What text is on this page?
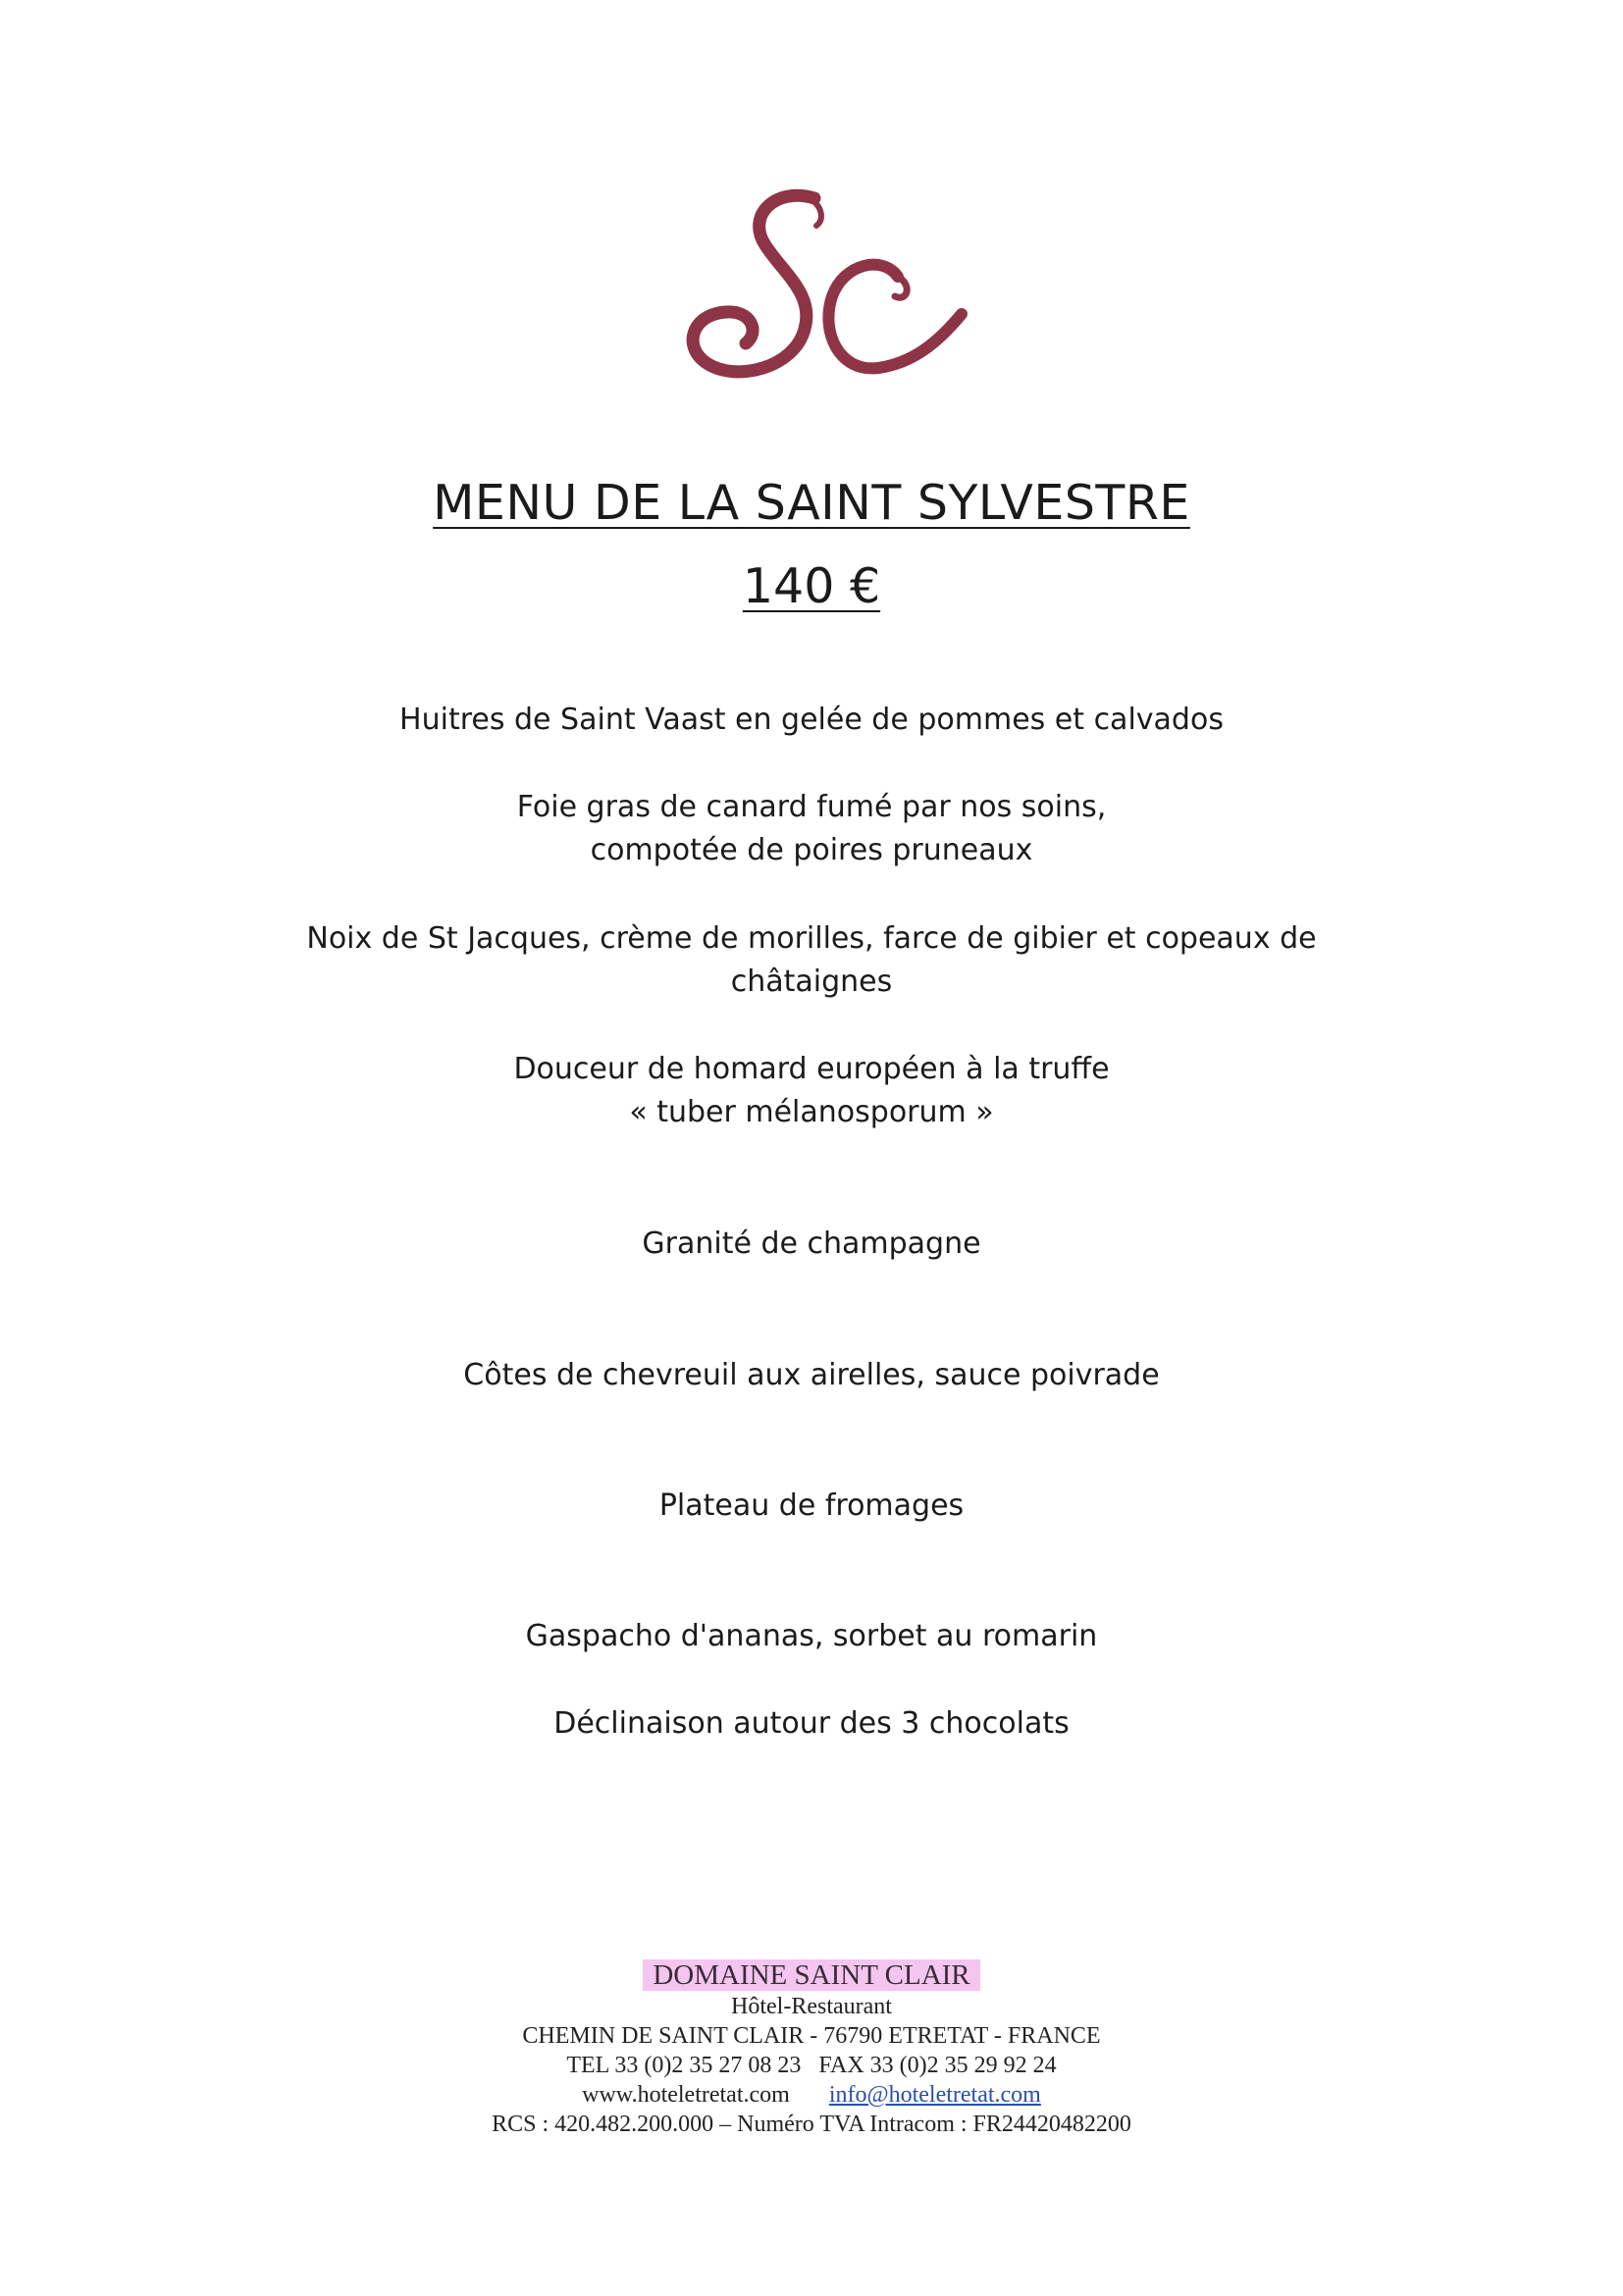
MENU DE LA SAINT SYLVESTRE
140 €
Huitres de Saint Vaast en gelée de pommes et calvados
Foie gras de canard fumé par nos soins,
compotée de poires pruneaux
Noix de St Jacques, crème de morilles, farce de gibier et copeaux de
châtaignes
Douceur de homard européen à la truffe
« tuber mélanosporum »
Granité de champagne
Côtes de chevreuil aux airelles, sauce poivrade
Plateau de fromages
Gaspacho d'ananas, sorbet au romarin
Déclinaison autour des 3 chocolats
DOMAINE SAINT CLAIR
Hôtel-Restaurant
CHEMIN DE SAINT CLAIR - 76790 ETRETAT - FRANCE
TEL 33 (0)2 35 27 08 23   FAX 33 (0)2 35 29 92 24
www.hoteletretat.com info@hoteletretat.com
RCS : 420.482.200.000 – Numéro TVA Intracom : FR24420482200
